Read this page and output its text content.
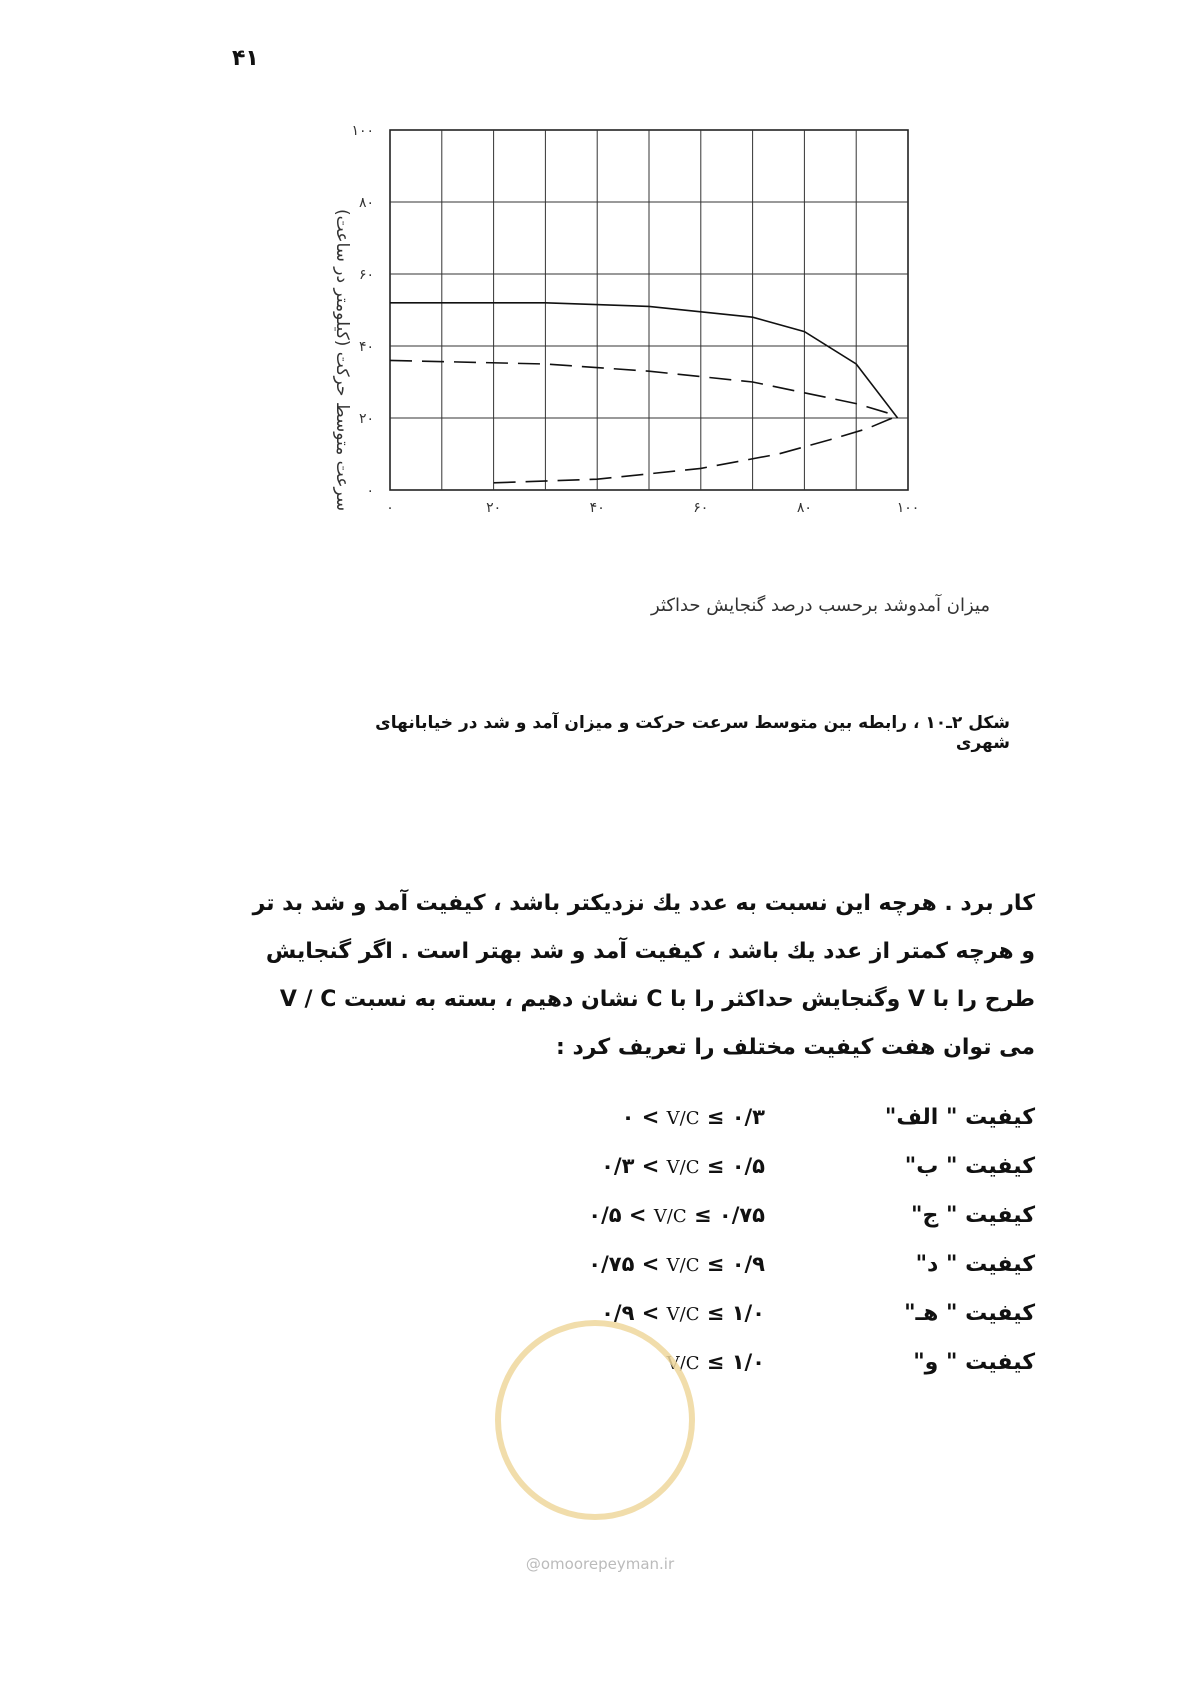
۴۱
۰	۲۰	۴۰	۶۰	۸۰	۱۰۰
۰
۲۰
۴۰
۶۰
۸۰
۱۰۰
سرعت متوسط حرکت (کیلومتر در ساعت)
میزان آمدوشد برحسب درصد گنجایش حداکثر
شکل ۲ـ۱۰ ، رابطه بین متوسط سرعت حرکت و میزان آمد و شد در خیابانهای شهری

کار برد . هرچه این نسبت به عدد یك نزدیکتر باشد ، کیفیت آمد و شد بد تر

و هرچه کمتر از عدد یك باشد ، کیفیت آمد و شد بهتر است . اگر گنجایش

طرح را با V وگنجایش حداکثر را با C نشان دهیم ، بسته به نسبت V / C

می توان هفت کیفیت مختلف را تعریف کرد :

کیفیت " الف"
۰ < V/C ≤ ۰/۳
کیفیت " ب"
۰/۳ < V/C ≤ ۰/۵
کیفیت " ج"
۰/۵ < V/C ≤ ۰/۷۵
کیفیت " د"
۰/۷۵ < V/C ≤ ۰/۹
کیفیت " هـ"
۰/۹ < V/C ≤ ۱/۰
کیفیت " و"
V/C ≤ ۱/۰
@omoorepeyman.ir
